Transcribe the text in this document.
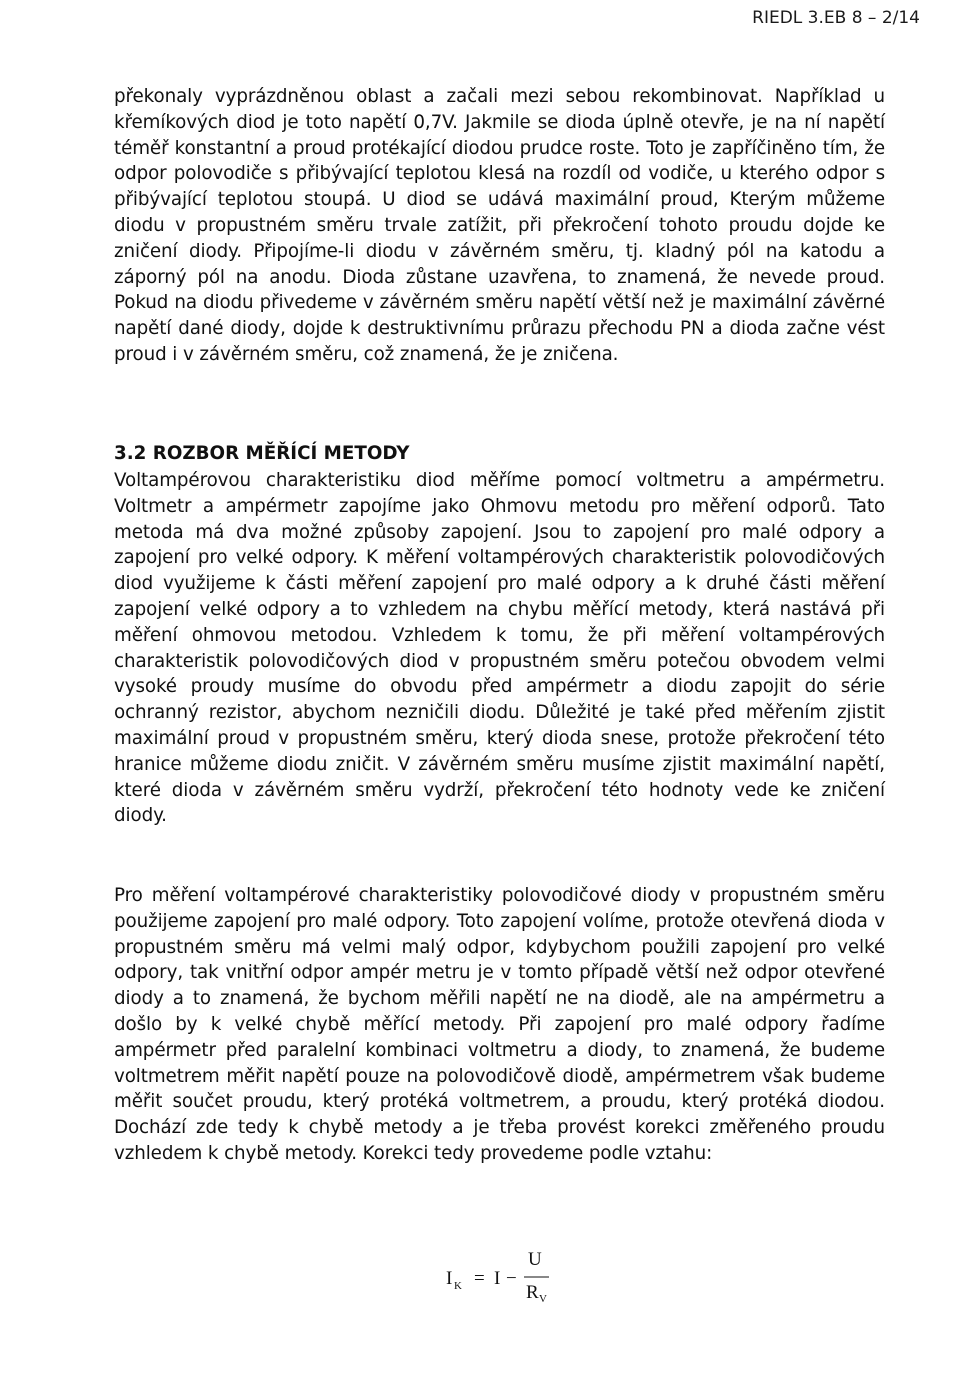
RIEDL 3.EB 8 – 2/14

překonaly vyprázdněnou oblast a začali mezi sebou rekombinovat. Například u křemíkových diod je toto napětí 0,7V. Jakmile se dioda úplně otevře, je na ní napětí téměř konstantní a proud protékající diodou prudce roste. Toto je zapříčiněno tím, že odpor polovodiče s přibývající teplotou klesá na rozdíl od vodiče, u kterého odpor s přibývající teplotou stoupá. U diod se udává maximální proud, Kterým můžeme diodu v propustném směru trvale zatížit, při překročení tohoto proudu dojde ke zničení diody. Připojíme-li diodu v závěrném směru, tj. kladný pól na katodu a záporný pól na anodu. Dioda zůstane uzavřena, to znamená, že nevede proud. Pokud na diodu přivedeme v závěrném směru napětí větší než je maximální závěrné napětí dané diody, dojde k destruktivnímu průrazu přechodu PN a dioda začne vést proud i v závěrném směru, což znamená, že je zničena.

3.2 ROZBOR MĚŘÍCÍ METODY

Voltampérovou charakteristiku diod měříme pomocí voltmetru a ampérmetru. Voltmetr a ampérmetr zapojíme jako Ohmovu metodu pro měření odporů. Tato metoda má dva možné způsoby zapojení. Jsou to zapojení pro malé odpory a zapojení pro velké odpory. K měření voltampérových charakteristik polovodičových diod využijeme k části měření zapojení pro malé odpory a k druhé části měření zapojení velké odpory a to vzhledem na chybu měřící metody, která nastává při měření ohmovou metodou. Vzhledem k tomu, že při měření voltampérových charakteristik polovodičových diod v propustném směru potečou obvodem velmi vysoké proudy musíme do obvodu před ampérmetr a diodu zapojit do série ochranný rezistor, abychom nezničili diodu. Důležité je také před měřením zjistit maximální proud v propustném směru, který dioda snese, protože překročení této hranice můžeme diodu zničit. V závěrném směru musíme zjistit maximální napětí, které dioda v závěrném směru vydrží, překročení této hodnoty vede ke zničení diody.

Pro měření voltampérové charakteristiky polovodičové diody v propustném směru použijeme zapojení pro malé odpory. Toto zapojení volíme, protože otevřená dioda v propustném směru má velmi malý odpor, kdybychom použili zapojení pro velké odpory, tak vnitřní odpor ampér metru je v tomto případě větší než odpor otevřené diody a to znamená, že bychom měřili napětí ne na diodě, ale na ampérmetru a došlo by k velké chybě měřící metody. Při zapojení pro malé odpory řadíme ampérmetr před paralelní kombinaci voltmetru a diody, to znamená, že budeme voltmetrem měřit napětí pouze na polovodičově diodě, ampérmetrem však budeme měřit součet proudu, který protéká voltmetrem, a proudu, který protéká diodou. Dochází zde tedy k chybě metody a je třeba provést korekci změřeného proudu vzhledem k chybě metody. Korekci tedy provedeme podle vztahu:

I K = I −
U
R V
